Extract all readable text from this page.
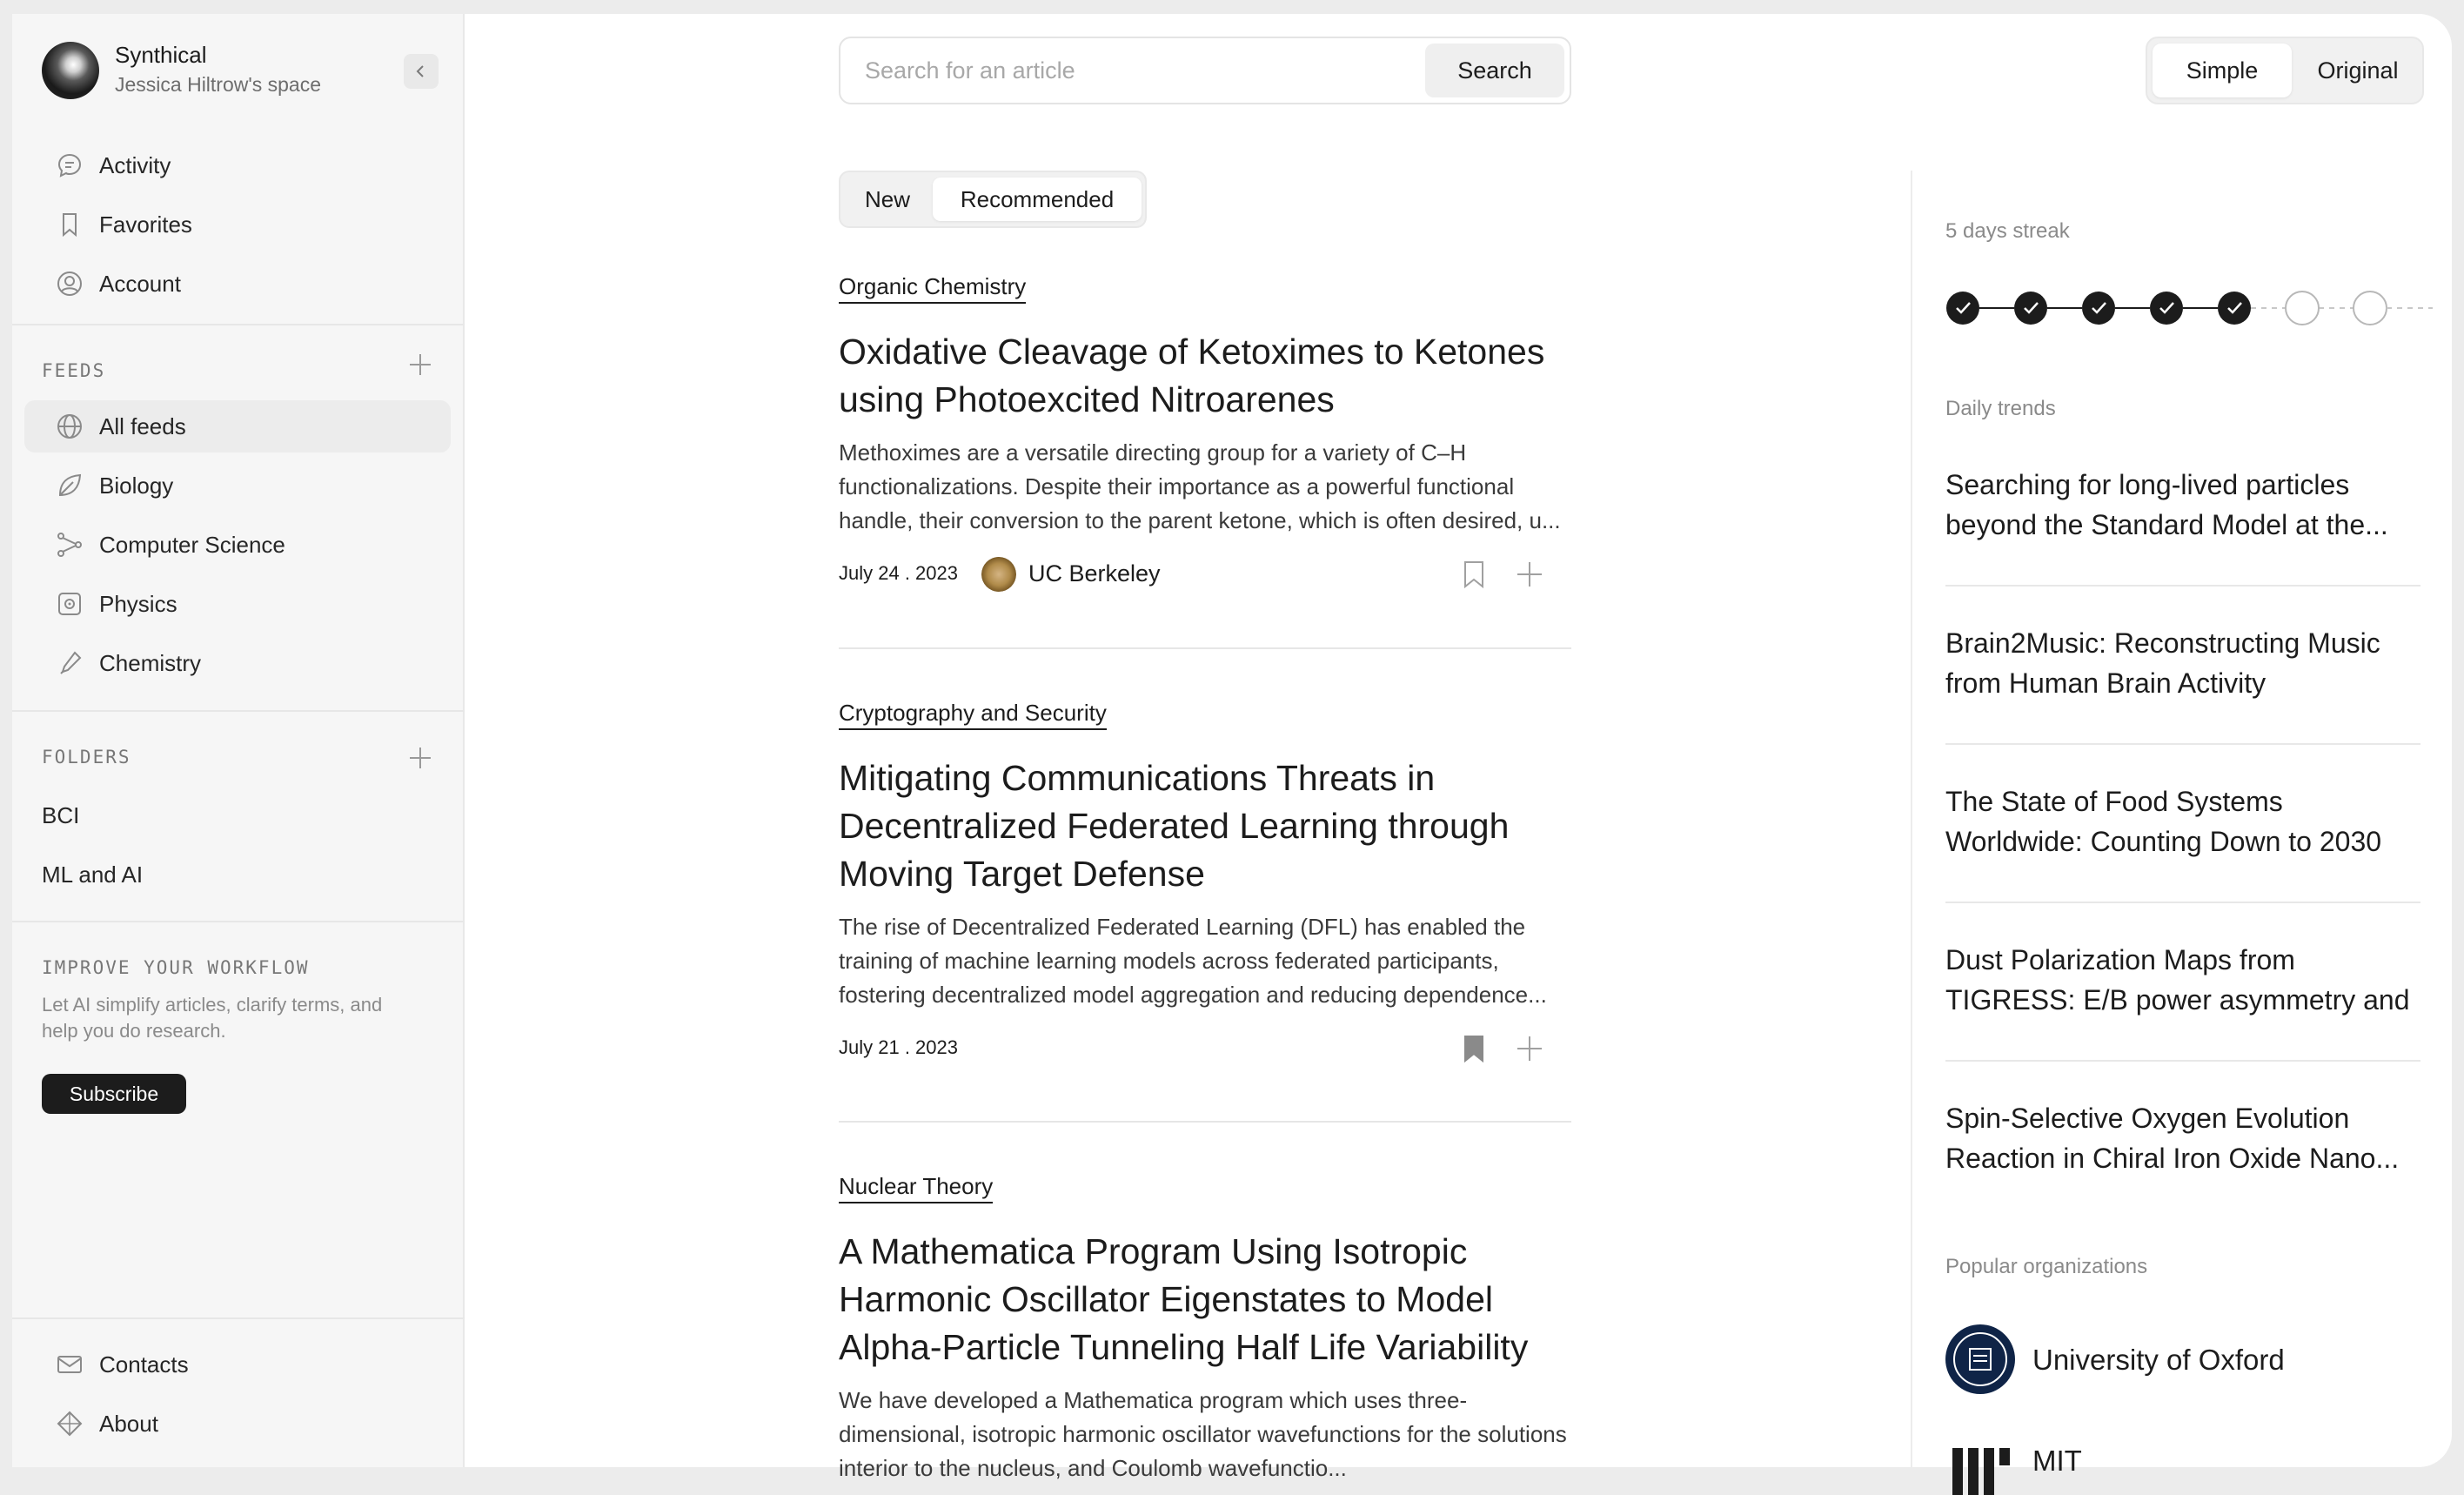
Synthical
Jessica Hiltrow's space
Activity
Favorites
Account
FEEDS
All feeds
Biology
Computer Science
Physics
Chemistry
FOLDERS
BCI
ML and AI
IMPROVE YOUR WORKFLOW
Let AI simplify articles, clarify terms, and help you do research.
Subscribe
Contacts
About
Search for an article
Search	Simple	Original
New	Recommended
Organic Chemistry
Oxidative Cleavage of Ketoximes to Ketones using Photoexcited Nitroarenes
Methoximes are a versatile directing group for a variety of C–H functionalizations. Despite their importance as a powerful functional handle, their conversion to the parent ketone, which is often desired, u...
July 24 . 2023	UC Berkeley
Cryptography and Security
Mitigating Communications Threats in Decentralized Federated Learning through Moving Target Defense
The rise of Decentralized Federated Learning (DFL) has enabled the training of machine learning models across federated participants, fostering decentralized model aggregation and reducing dependence...
July 21 . 2023
Nuclear Theory
A Mathematica Program Using Isotropic Harmonic Oscillator Eigenstates to Model Alpha-Particle Tunneling Half Life Variability
We have developed a Mathematica program which uses three-dimensional, isotropic harmonic oscillator wavefunctions for the solutions interior to the nucleus, and Coulomb wavefunctio...
5 days streak
Daily trends
Searching for long-lived particles beyond the Standard Model at the...
Brain2Music: Reconstructing Music from Human Brain Activity
The State of Food Systems Worldwide: Counting Down to 2030
Dust Polarization Maps from TIGRESS: E/B power asymmetry and
Spin-Selective Oxygen Evolution Reaction in Chiral Iron Oxide Nano...
Popular organizations
University of Oxford
MIT
